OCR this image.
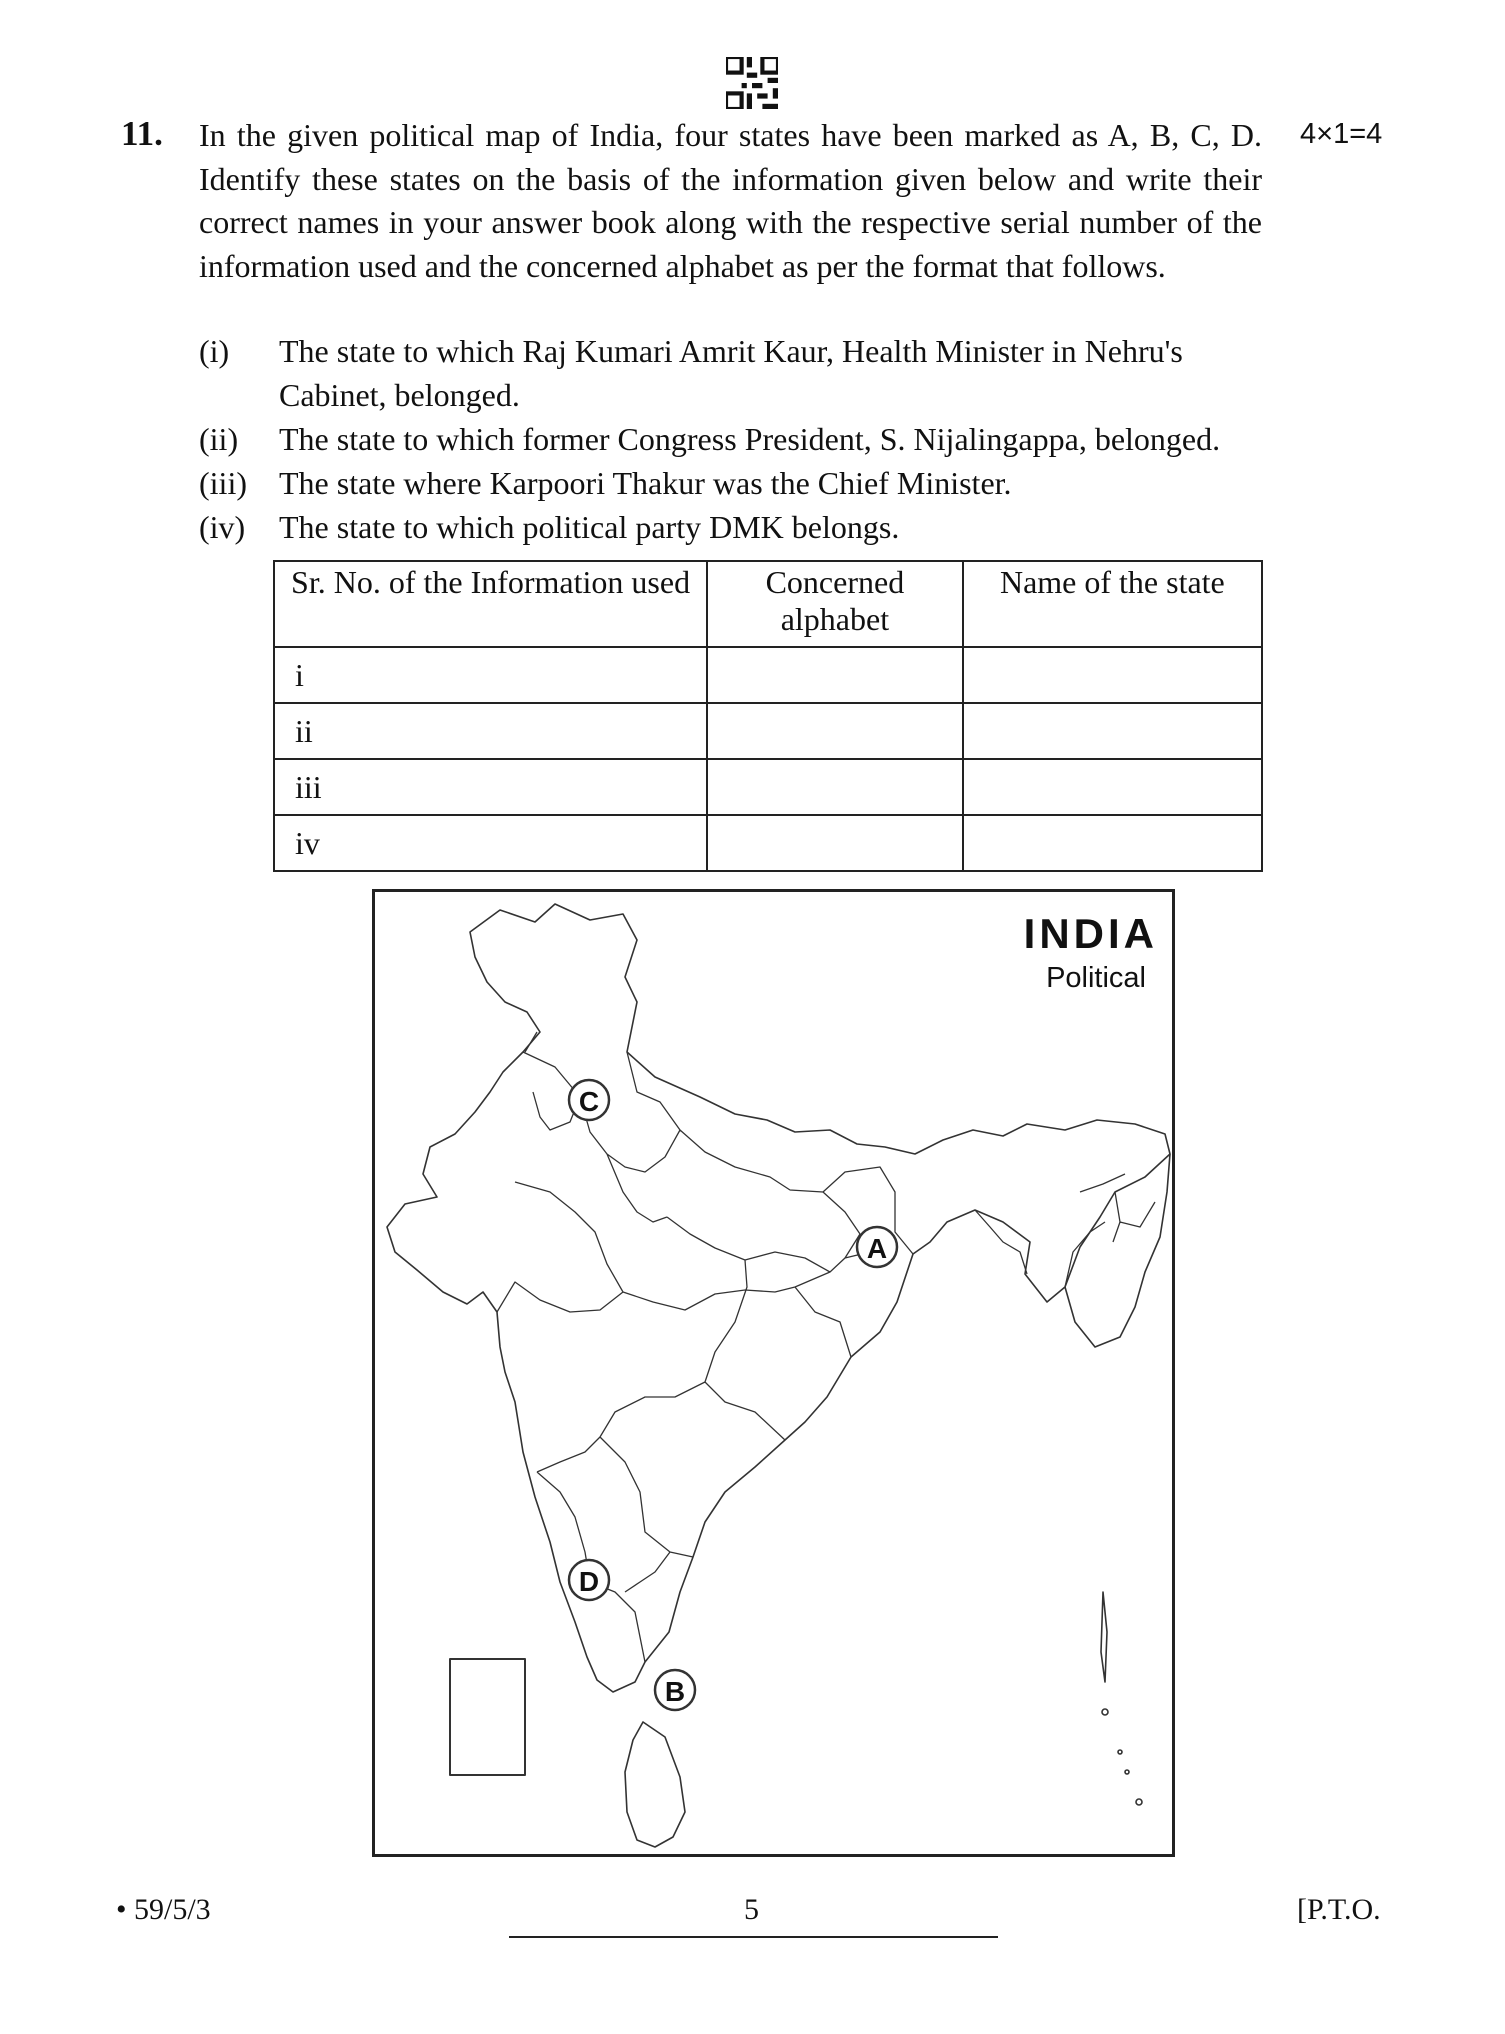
11.	4×1=4

In the given political map of India, four states have been marked as A, B, C, D. Identify these states on the basis of the information given below and write their correct names in your answer book along with the respective serial number of the information used and the concerned alphabet as per the format that follows.

(i) The state to which Raj Kumari Amrit Kaur, Health Minister in Nehru's Cabinet, belonged.
(ii) The state to which former Congress President, S. Nijalingappa, belonged.
(iii) The state where Karpoori Thakur was the Chief Minister.
(iv) The state to which political party DMK belongs.
Sr. No. of the Information used	Concerned alphabet	Name of the state
i		
ii		
iii		
iv		
C
A
D
B
INDIA
Political
• 59/5/3	5	[P.T.O.
